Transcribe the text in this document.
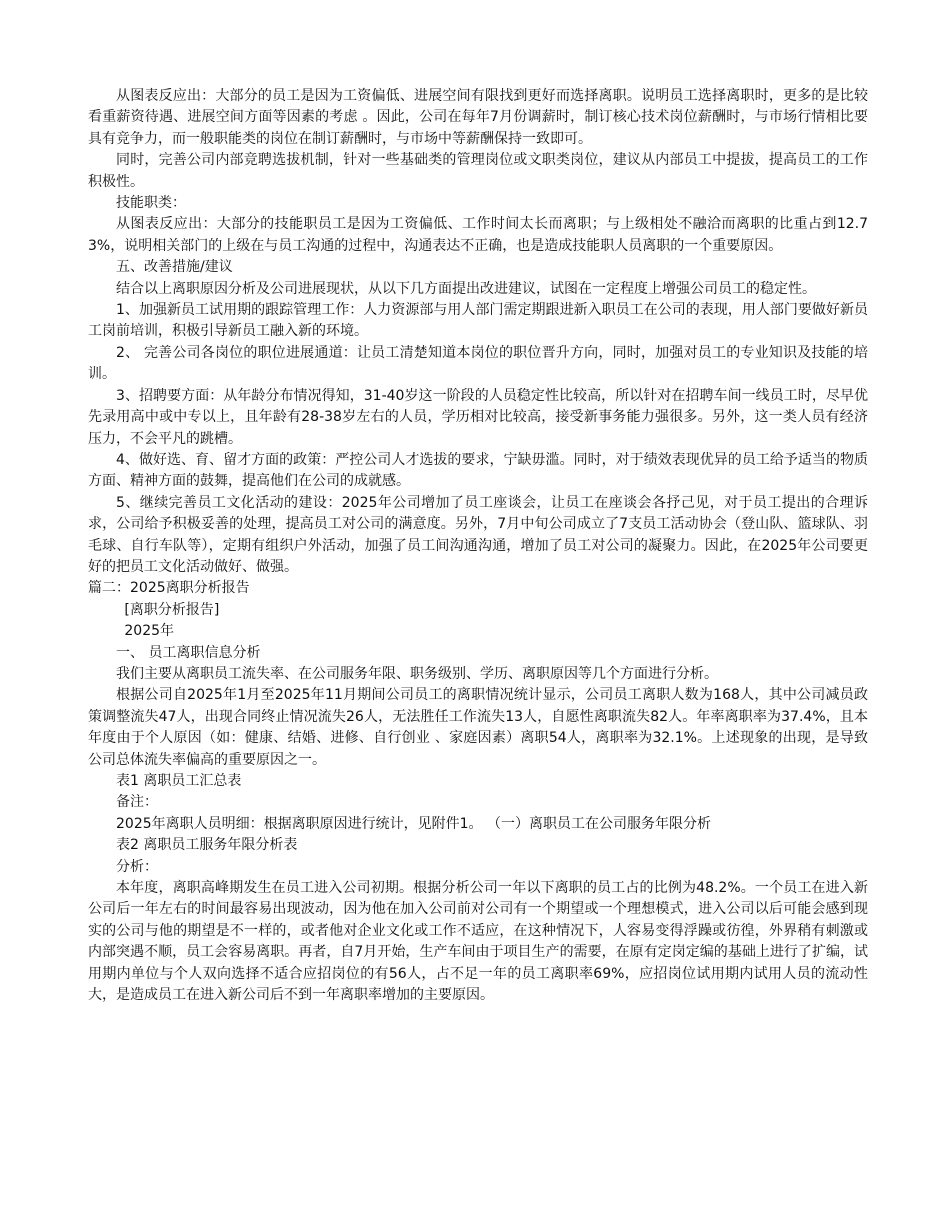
从图表反应出：大部分的员工是因为工资偏低、进展空间有限找到更好而选择离职。说明员工选择离职时，更多的是比较看重薪资待遇、进展空间方面等因素的考虑 。因此，公司在每年7月份调薪时，制订核心技术岗位薪酬时，与市场行情相比要具有竞争力，而一般职能类的岗位在制订薪酬时，与市场中等薪酬保持一致即可。

同时，完善公司内部竞聘选拔机制，针对一些基础类的管理岗位或文职类岗位，建议从内部员工中提拔，提高员工的工作积极性。

技能职类：

从图表反应出：大部分的技能职员工是因为工资偏低、工作时间太长而离职；与上级相处不融洽而离职的比重占到12.73%，说明相关部门的上级在与员工沟通的过程中，沟通表达不正确，也是造成技能职人员离职的一个重要原因。

五、改善措施/建议

结合以上离职原因分析及公司进展现状，从以下几方面提出改进建议，试图在一定程度上增强公司员工的稳定性。

1、加强新员工试用期的跟踪管理工作：人力资源部与用人部门需定期跟进新入职员工在公司的表现，用人部门要做好新员工岗前培训，积极引导新员工融入新的环境。

2、 完善公司各岗位的职位进展通道：让员工清楚知道本岗位的职位晋升方向，同时，加强对员工的专业知识及技能的培训。

3、招聘要方面：从年龄分布情况得知，31-40岁这一阶段的人员稳定性比较高，所以针对在招聘车间一线员工时，尽早优先录用高中或中专以上，且年龄有28-38岁左右的人员，学历相对比较高，接受新事务能力强很多。另外，这一类人员有经济压力，不会平凡的跳槽。

4、做好选、育、留才方面的政策：严控公司人才选拔的要求，宁缺毋滥。同时，对于绩效表现优异的员工给予适当的物质方面、精神方面的鼓舞，提高他们在公司的成就感。

5、继续完善员工文化活动的建设：2025年公司增加了员工座谈会，让员工在座谈会各抒己见，对于员工提出的合理诉求，公司给予积极妥善的处理，提高员工对公司的满意度。另外，7月中旬公司成立了7支员工活动协会（登山队、篮球队、羽毛球、自行车队等），定期有组织户外活动，加强了员工间沟通沟通，增加了员工对公司的凝聚力。因此，在2025年公司要更好的把员工文化活动做好、做强。

篇二：2025离职分析报告

[离职分析报告]

2025年

一、 员工离职信息分析

我们主要从离职员工流失率、在公司服务年限、职务级别、学历、离职原因等几个方面进行分析。

根据公司自2025年1月至2025年11月期间公司员工的离职情况统计显示，公司员工离职人数为168人，其中公司减员政策调整流失47人，出现合同终止情况流失26人，无法胜任工作流失13人，自愿性离职流失82人。年率离职率为37.4%，且本年度由于个人原因（如：健康、结婚、进修、自行创业 、家庭因素）离职54人，离职率为32.1%。上述现象的出现，是导致公司总体流失率偏高的重要原因之一。

表1 离职员工汇总表

备注：

2025年离职人员明细：根据离职原因进行统计，见附件1。 （一）离职员工在公司服务年限分析

表2 离职员工服务年限分析表

分析：

本年度，离职高峰期发生在员工进入公司初期。根据分析公司一年以下离职的员工占的比例为48.2%。一个员工在进入新公司后一年左右的时间最容易出现波动，因为他在加入公司前对公司有一个期望或一个理想模式，进入公司以后可能会感到现实的公司与他的期望是不一样的，或者他对企业文化或工作不适应，在这种情况下，人容易变得浮躁或彷徨，外界稍有刺激或内部突遇不顺，员工会容易离职。再者，自7月开始，生产车间由于项目生产的需要，在原有定岗定编的基础上进行了扩编，试用期内单位与个人双向选择不适合应招岗位的有56人，占不足一年的员工离职率69%，应招岗位试用期内试用人员的流动性大，是造成员工在进入新公司后不到一年离职率增加的主要原因。
